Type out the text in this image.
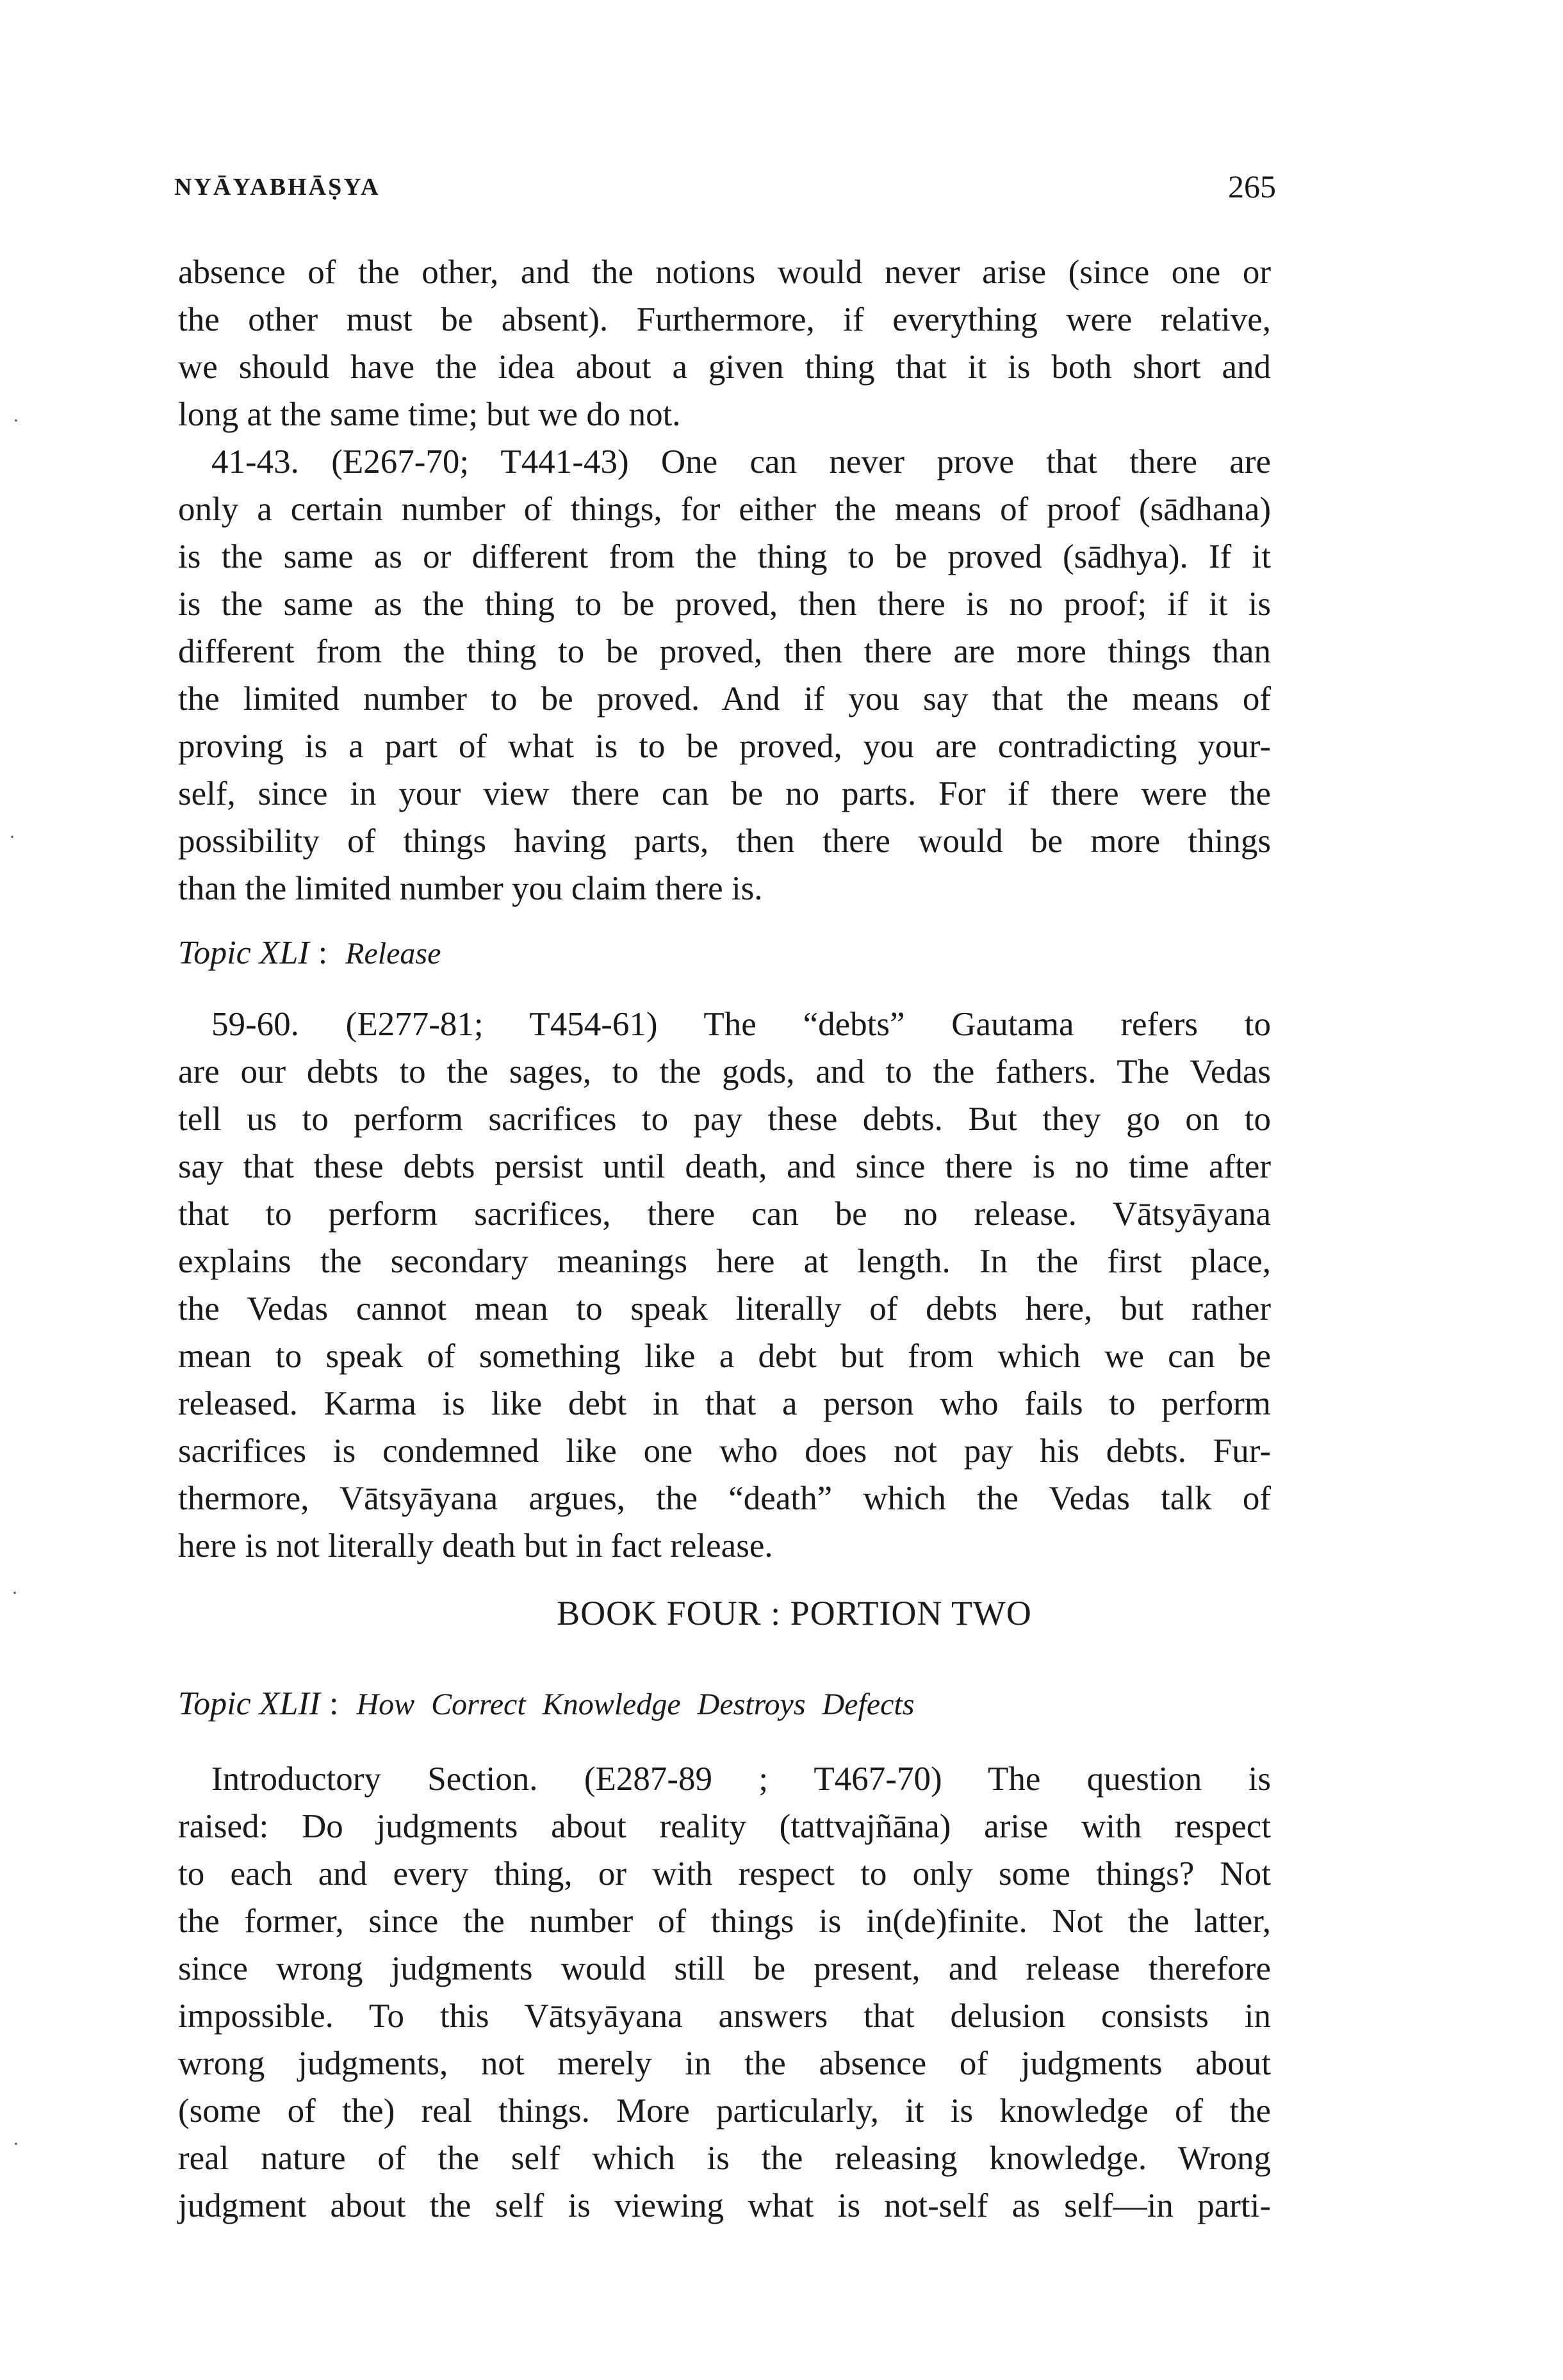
NYĀYABHĀṢYA	265
absence of the other, and the notions would never arise (since one or
the other must be absent). Furthermore, if everything were relative,
we should have the idea about a given thing that it is both short and
long at the same time; but we do not.
41-43. (E267-70; T441-43) One can never prove that there are
only a certain number of things, for either the means of proof (sādhana)
is the same as or different from the thing to be proved (sādhya). If it
is the same as the thing to be proved, then there is no proof; if it is
different from the thing to be proved, then there are more things than
the limited number to be proved. And if you say that the means of
proving is a part of what is to be proved, you are contradicting your-
self, since in your view there can be no parts. For if there were the
possibility of things having parts, then there would be more things
than the limited number you claim there is.
Topic XLI : Release
59-60. (E277-81; T454-61) The “debts” Gautama refers to
are our debts to the sages, to the gods, and to the fathers. The Vedas
tell us to perform sacrifices to pay these debts. But they go on to
say that these debts persist until death, and since there is no time after
that to perform sacrifices, there can be no release. Vātsyāyana
explains the secondary meanings here at length. In the first place,
the Vedas cannot mean to speak literally of debts here, but rather
mean to speak of something like a debt but from which we can be
released. Karma is like debt in that a person who fails to perform
sacrifices is condemned like one who does not pay his debts. Fur-
thermore, Vātsyāyana argues, the “death” which the Vedas talk of
here is not literally death but in fact release.
BOOK FOUR : PORTION TWO
Topic XLII : How Correct Knowledge Destroys Defects
Introductory Section. (E287-89 ; T467-70) The question is
raised: Do judgments about reality (tattvajñāna) arise with respect
to each and every thing, or with respect to only some things? Not
the former, since the number of things is in(de)finite. Not the latter,
since wrong judgments would still be present, and release therefore
impossible. To this Vātsyāyana answers that delusion consists in
wrong judgments, not merely in the absence of judgments about
(some of the) real things. More particularly, it is knowledge of the
real nature of the self which is the releasing knowledge. Wrong
judgment about the self is viewing what is not-self as self—in parti-
·
·
·
·
